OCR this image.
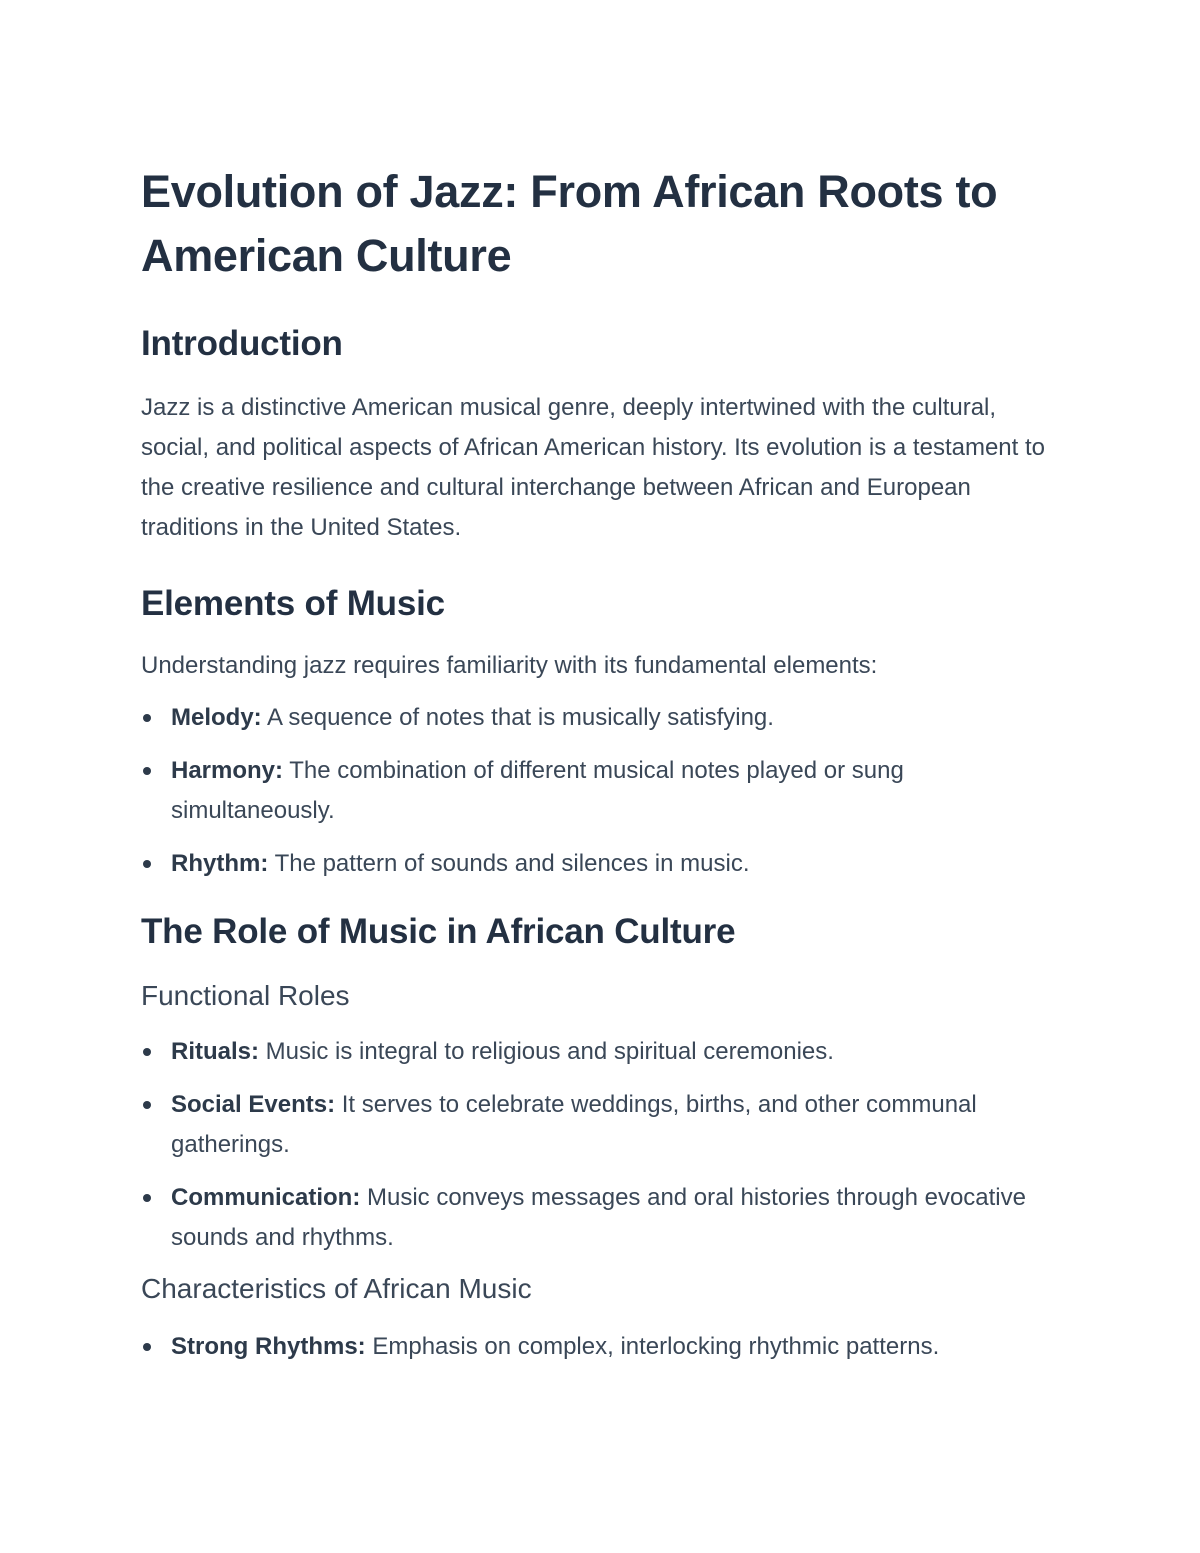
Evolution of Jazz: From African Roots to American Culture
Introduction

Jazz is a distinctive American musical genre, deeply intertwined with the cultural, social, and political aspects of African American history. Its evolution is a testament to the creative resilience and cultural interchange between African and European traditions in the United States.

Elements of Music

Understanding jazz requires familiarity with its fundamental elements:

Melody: A sequence of notes that is musically satisfying.
Harmony: The combination of different musical notes played or sung simultaneously.
Rhythm: The pattern of sounds and silences in music.
The Role of Music in African Culture
Functional Roles
Rituals: Music is integral to religious and spiritual ceremonies.
Social Events: It serves to celebrate weddings, births, and other communal gatherings.
Communication: Music conveys messages and oral histories through evocative sounds and rhythms.
Characteristics of African Music
Strong Rhythms: Emphasis on complex, interlocking rhythmic patterns.
